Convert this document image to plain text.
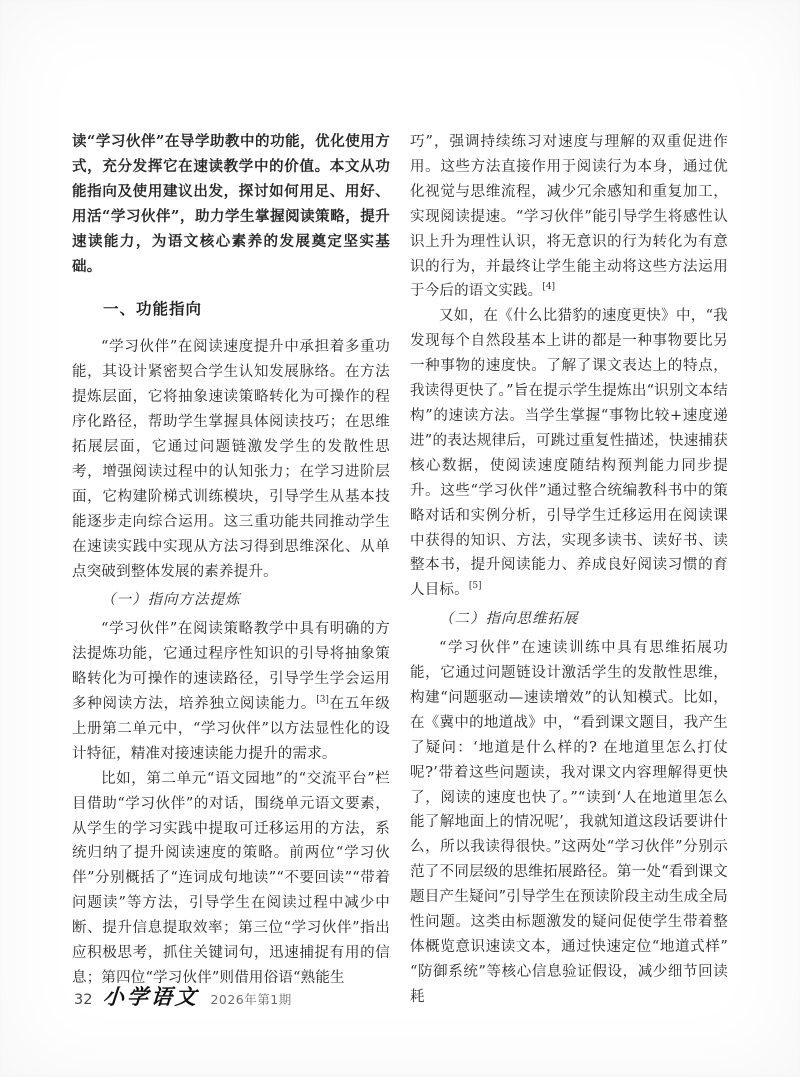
读“学习伙伴”在导学助教中的功能，优化使用方式，充分发挥它在速读教学中的价值。本文从功能指向及使用建议出发，探讨如何用足、用好、用活“学习伙伴”，助力学生掌握阅读策略，提升速读能力，为语文核心素养的发展奠定坚实基础。

一、功能指向

“学习伙伴”在阅读速度提升中承担着多重功能，其设计紧密契合学生认知发展脉络。在方法提炼层面，它将抽象速读策略转化为可操作的程序化路径，帮助学生掌握具体阅读技巧；在思维拓展层面，它通过问题链激发学生的发散性思考，增强阅读过程中的认知张力；在学习进阶层面，它构建阶梯式训练模块，引导学生从基本技能逐步走向综合运用。这三重功能共同推动学生在速读实践中实现从方法习得到思维深化、从单点突破到整体发展的素养提升。

（一）指向方法提炼

“学习伙伴”在阅读策略教学中具有明确的方法提炼功能，它通过程序性知识的引导将抽象策略转化为可操作的速读路径，引导学生学会运用多种阅读方法，培养独立阅读能力。[3]在五年级上册第二单元中，“学习伙伴”以方法显性化的设计特征，精准对接速读能力提升的需求。

比如，第二单元“语文园地”的“交流平台”栏目借助“学习伙伴”的对话，围绕单元语文要素，从学生的学习实践中提取可迁移运用的方法，系统归纳了提升阅读速度的策略。前两位“学习伙伴”分别概括了“连词成句地读”“不要回读”“带着问题读”等方法，引导学生在阅读过程中减少中断、提升信息提取效率；第三位“学习伙伴”指出应积极思考，抓住关键词句，迅速捕捉有用的信息；第四位“学习伙伴”则借用俗语“熟能生

巧”，强调持续练习对速度与理解的双重促进作用。这些方法直接作用于阅读行为本身，通过优化视觉与思维流程，减少冗余感知和重复加工，实现阅读提速。“学习伙伴”能引导学生将感性认识上升为理性认识，将无意识的行为转化为有意识的行为，并最终让学生能主动将这些方法运用于今后的语文实践。[4]

又如，在《什么比猎豹的速度更快》中，“我发现每个自然段基本上讲的都是一种事物要比另一种事物的速度快。了解了课文表达上的特点，我读得更快了。”旨在提示学生提炼出“识别文本结构”的速读方法。当学生掌握“事物比较+速度递进”的表达规律后，可跳过重复性描述，快速捕获核心数据，使阅读速度随结构预判能力同步提升。这些“学习伙伴”通过整合统编教科书中的策略对话和实例分析，引导学生迁移运用在阅读课中获得的知识、方法，实现多读书、读好书、读整本书，提升阅读能力、养成良好阅读习惯的育人目标。[5]

（二）指向思维拓展

“学习伙伴”在速读训练中具有思维拓展功能，它通过问题链设计激活学生的发散性思维，构建“问题驱动—速读增效”的认知模式。比如，在《冀中的地道战》中，“看到课文题目，我产生了疑问：‘地道是什么样的? 在地道里怎么打仗呢?’带着这些问题读，我对课文内容理解得更快了，阅读的速度也快了。”“读到‘人在地道里怎么能了解地面上的情况呢’，我就知道这段话要讲什么，所以我读得很快。”这两处“学习伙伴”分别示范了不同层级的思维拓展路径。第一处“看到课文题目产生疑问”引导学生在预读阶段主动生成全局性问题。这类由标题激发的疑问促使学生带着整体概览意识速读文本，通过快速定位“地道式样”“防御系统”等核心信息验证假设，减少细节回读耗

32 小学语文 2026年第1期
